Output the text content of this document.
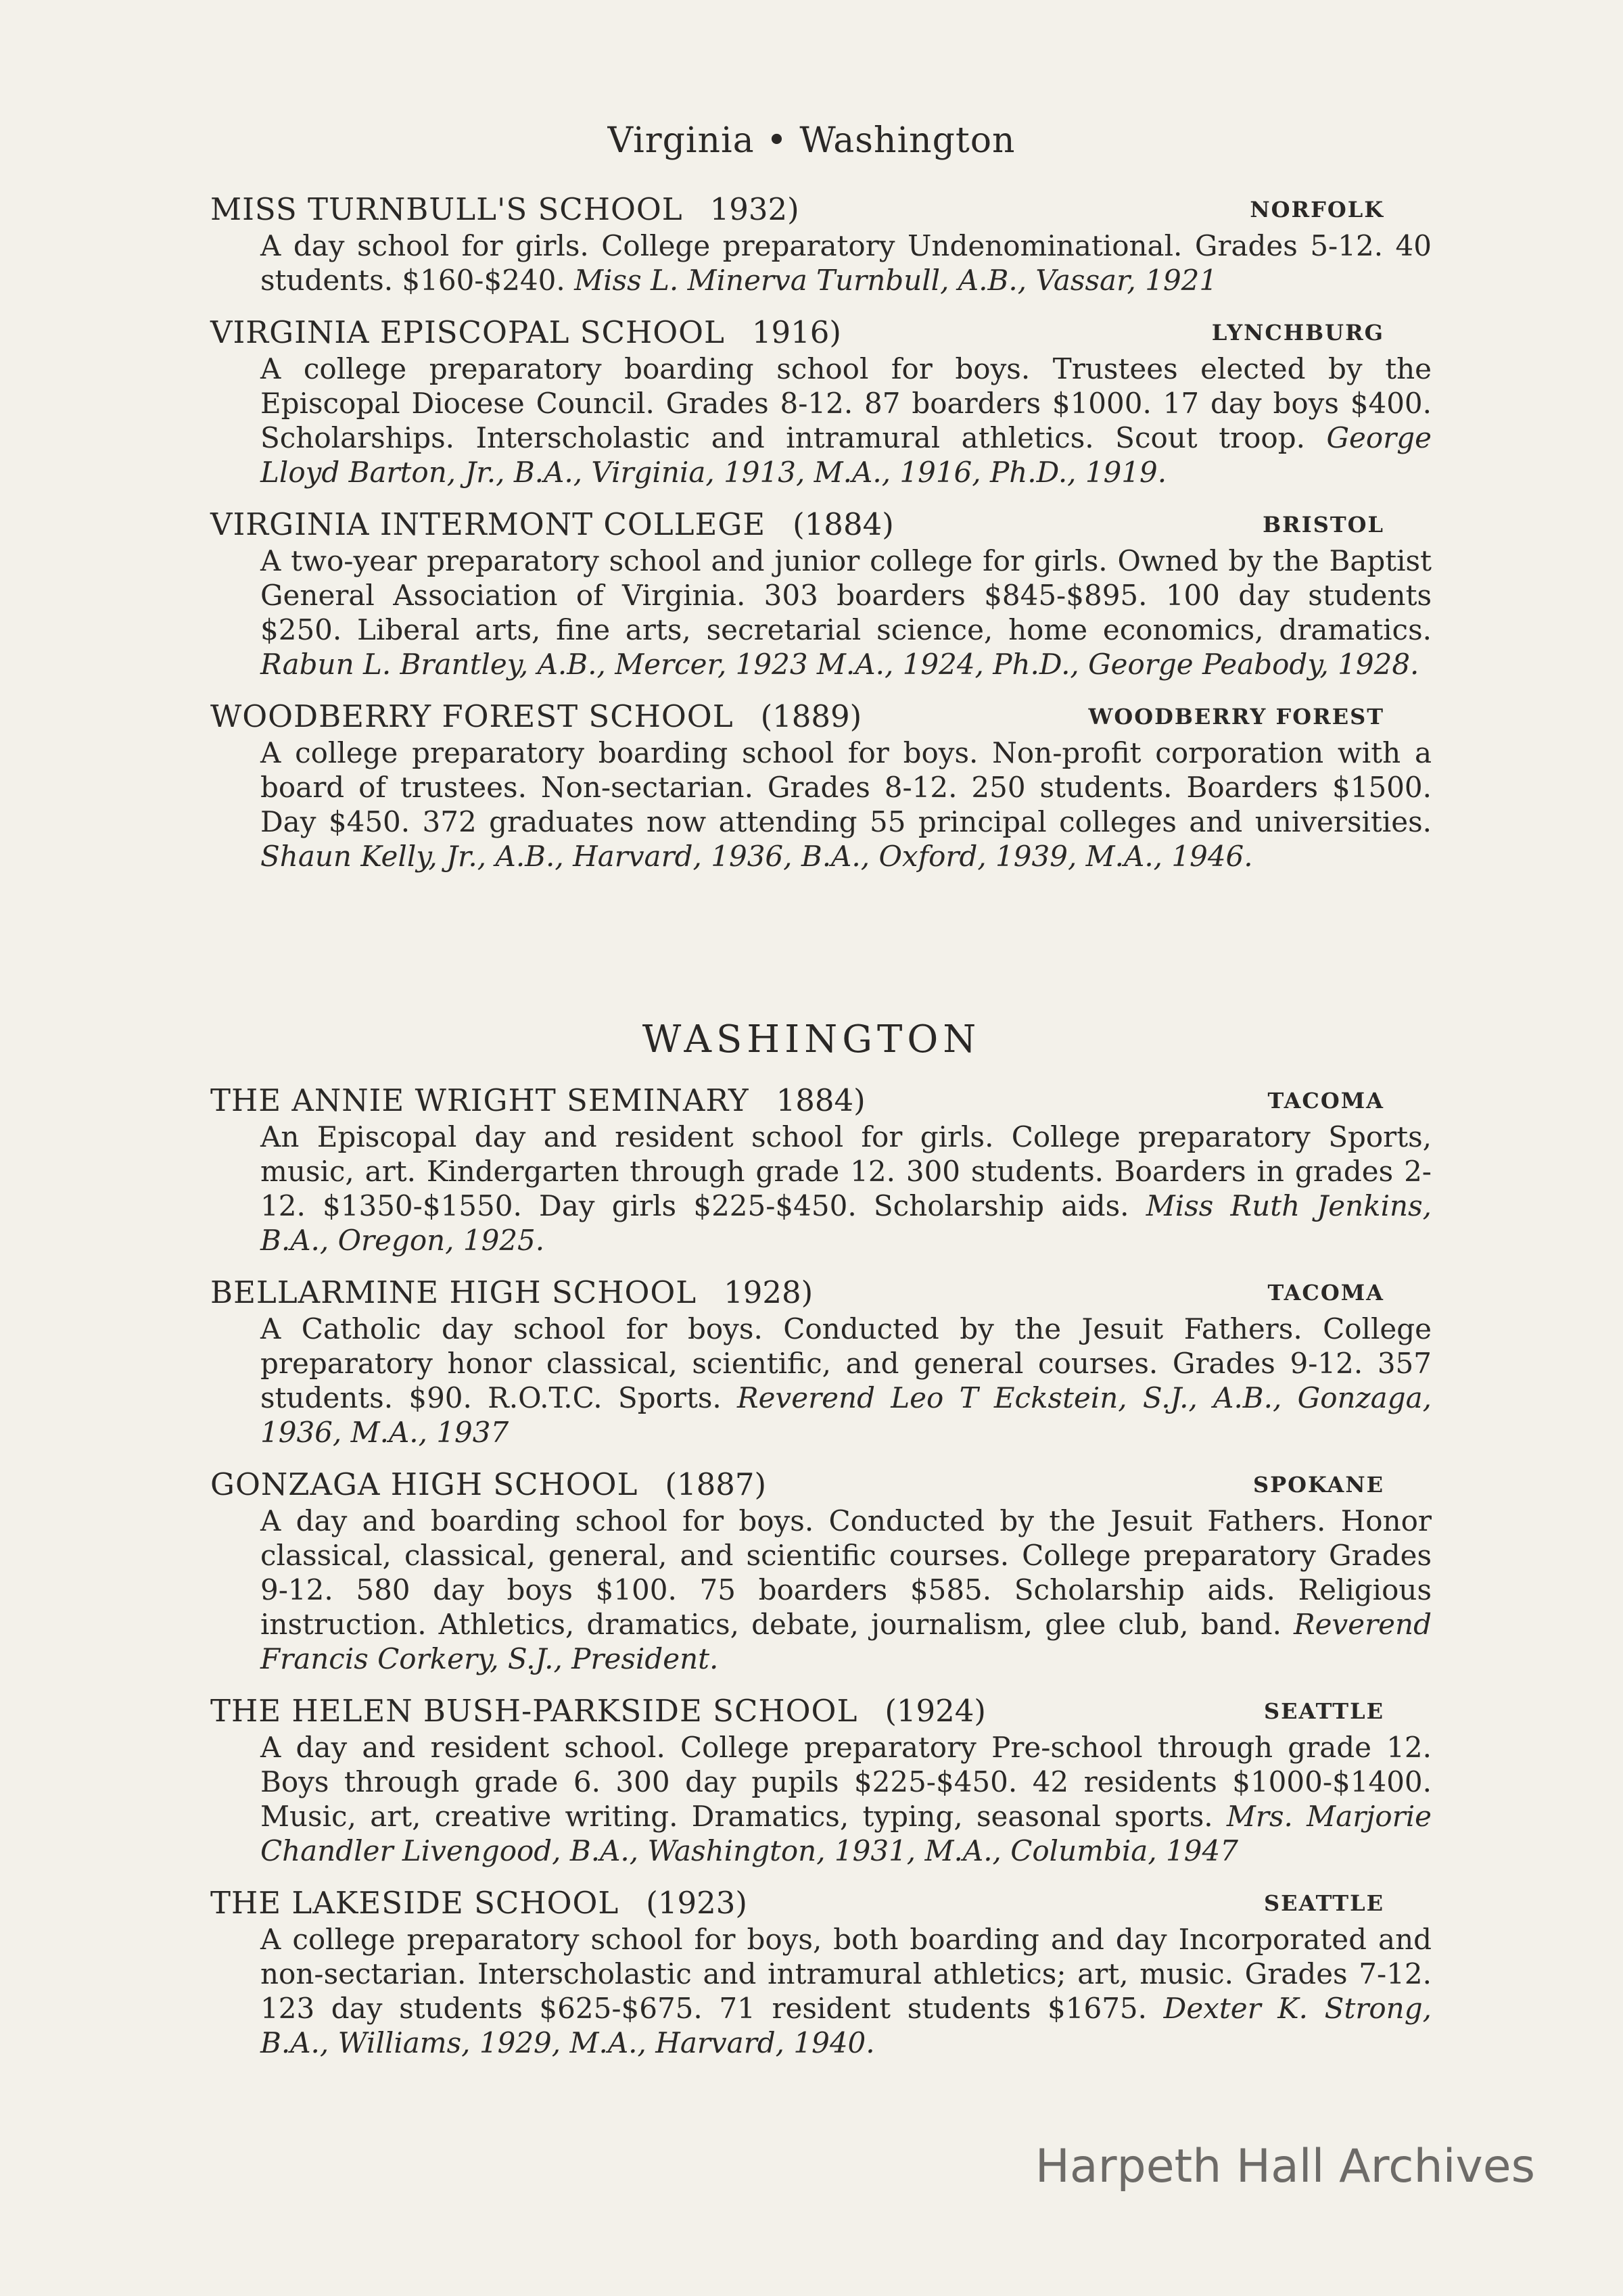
Virginia • Washington
MISS TURNBULL'S SCHOOL 1932)	NORFOLK
A day school for girls. College preparatory Undenominational. Grades 5-12. 40 students. $160-$240. Miss L. Minerva Turnbull, A.B., Vassar, 1921
VIRGINIA EPISCOPAL SCHOOL 1916)	LYNCHBURG
A college preparatory boarding school for boys. Trustees elected by the Episcopal Diocese Council. Grades 8-12. 87 boarders $1000. 17 day boys $400. Scholarships. Interscholastic and intramural athletics. Scout troop. George Lloyd Barton, Jr., B.A., Virginia, 1913, M.A., 1916, Ph.D., 1919.
VIRGINIA INTERMONT COLLEGE (1884)	BRISTOL
A two-year preparatory school and junior college for girls. Owned by the Baptist General Association of Virginia. 303 boarders $845-$895. 100 day students $250. Liberal arts, fine arts, secretarial science, home economics, dramatics. Rabun L. Brantley, A.B., Mercer, 1923 M.A., 1924, Ph.D., George Peabody, 1928.
WOODBERRY FOREST SCHOOL (1889)	WOODBERRY FOREST
A college preparatory boarding school for boys. Non-profit corporation with a board of trustees. Non-sectarian. Grades 8-12. 250 students. Boarders $1500. Day $450. 372 graduates now attending 55 principal colleges and universities. Shaun Kelly, Jr., A.B., Harvard, 1936, B.A., Oxford, 1939, M.A., 1946.
WASHINGTON
THE ANNIE WRIGHT SEMINARY 1884)	TACOMA
An Episcopal day and resident school for girls. College preparatory Sports, music, art. Kindergarten through grade 12. 300 students. Boarders in grades 2-12. $1350-$1550. Day girls $225-$450. Scholarship aids. Miss Ruth Jenkins, B.A., Oregon, 1925.
BELLARMINE HIGH SCHOOL 1928)	TACOMA
A Catholic day school for boys. Conducted by the Jesuit Fathers. College preparatory honor classical, scientific, and general courses. Grades 9-12. 357 students. $90. R.O.T.C. Sports. Reverend Leo T Eckstein, S.J., A.B., Gonzaga, 1936, M.A., 1937
GONZAGA HIGH SCHOOL (1887)	SPOKANE
A day and boarding school for boys. Conducted by the Jesuit Fathers. Honor classical, classical, general, and scientific courses. College preparatory Grades 9-12. 580 day boys $100. 75 boarders $585. Scholarship aids. Religious instruction. Athletics, dramatics, debate, journalism, glee club, band. Reverend Francis Corkery, S.J., President.
THE HELEN BUSH-PARKSIDE SCHOOL (1924)	SEATTLE
A day and resident school. College preparatory Pre-school through grade 12. Boys through grade 6. 300 day pupils $225-$450. 42 residents $1000-$1400. Music, art, creative writing. Dramatics, typing, seasonal sports. Mrs. Marjorie Chandler Livengood, B.A., Washington, 1931, M.A., Columbia, 1947
THE LAKESIDE SCHOOL (1923)	SEATTLE
A college preparatory school for boys, both boarding and day Incorporated and non-sectarian. Interscholastic and intramural athletics; art, music. Grades 7-12. 123 day students $625-$675. 71 resident students $1675. Dexter K. Strong, B.A., Williams, 1929, M.A., Harvard, 1940.
Harpeth Hall Archives
